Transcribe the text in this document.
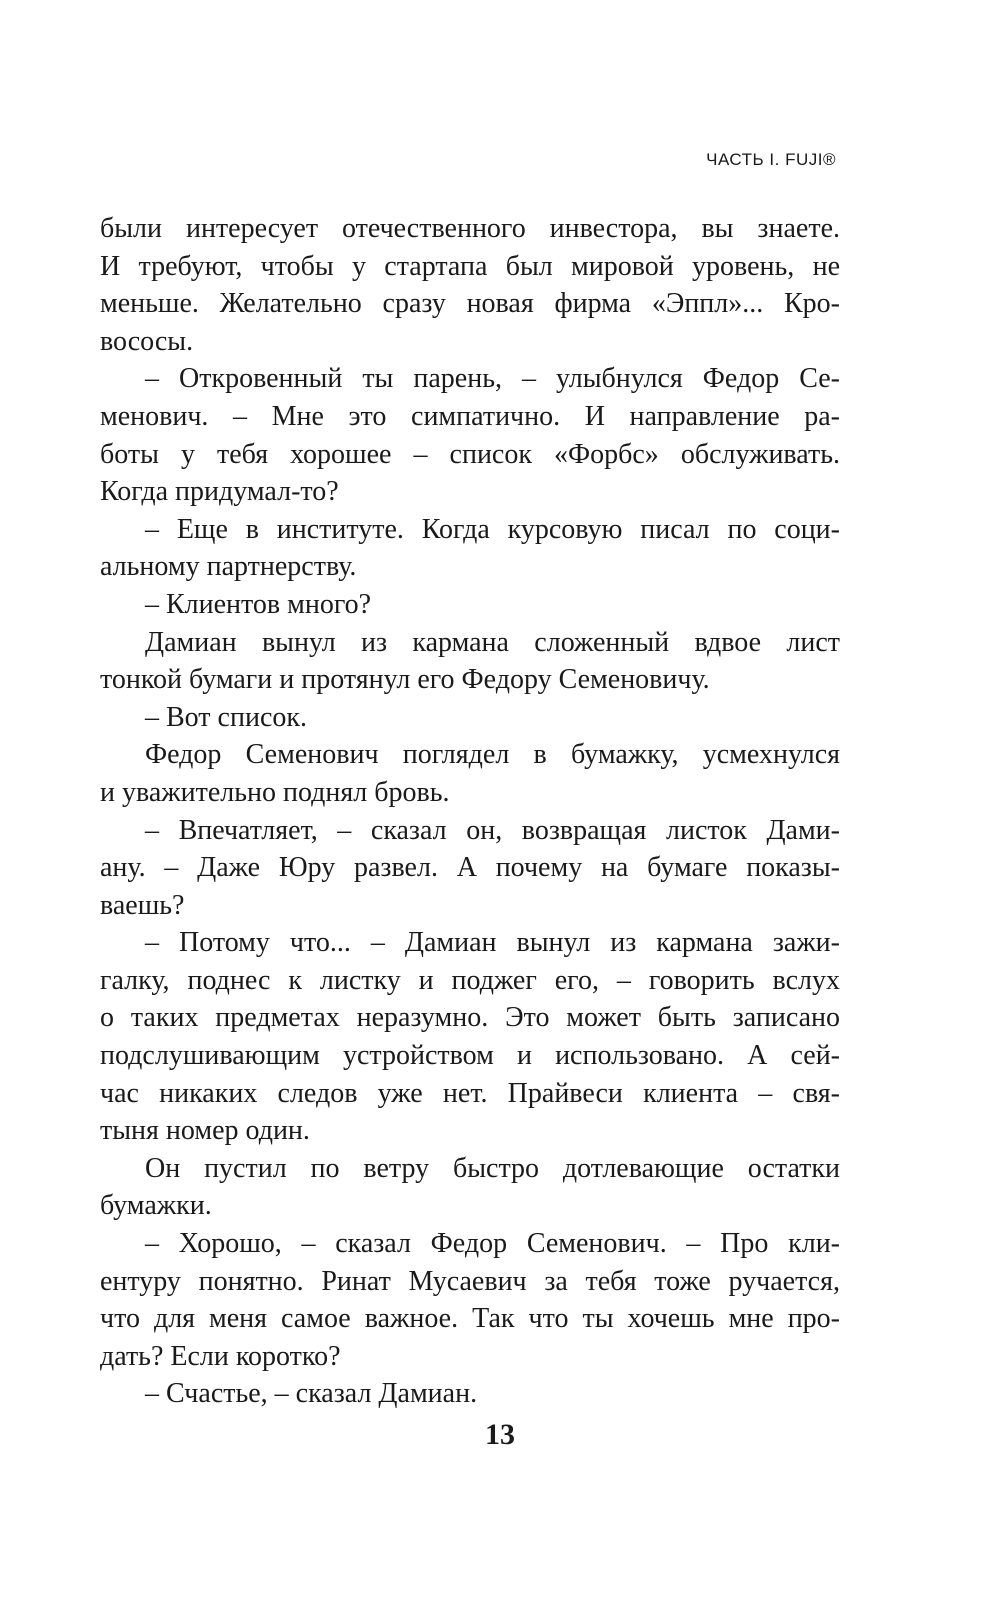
ЧАСТЬ I. FUJI®
были интересует отечественного инвестора, вы знаете.
И требуют, чтобы у стартапа был мировой уровень, не
меньше. Желательно сразу новая фирма «Эппл»... Кро-
вососы.
– Откровенный ты парень, – улыбнулся Федор Се-
менович. – Мне это симпатично. И направление ра-
боты у тебя хорошее – список «Форбс» обслуживать.
Когда придумал-то?
– Еще в институте. Когда курсовую писал по соци-
альному партнерству.
– Клиентов много?
Дамиан вынул из кармана сложенный вдвое лист
тонкой бумаги и протянул его Федору Семеновичу.
– Вот список.
Федор Семенович поглядел в бумажку, усмехнулся
и уважительно поднял бровь.
– Впечатляет, – сказал он, возвращая листок Дами-
ану. – Даже Юру развел. А почему на бумаге показы-
ваешь?
– Потому что... – Дамиан вынул из кармана зажи-
галку, поднес к листку и поджег его, – говорить вслух
о таких предметах неразумно. Это может быть записано
подслушивающим устройством и использовано. А сей-
час никаких следов уже нет. Прайвеси клиента – свя-
тыня номер один.
Он пустил по ветру быстро дотлевающие остатки
бумажки.
– Хорошо, – сказал Федор Семенович. – Про кли-
ентуру понятно. Ринат Мусаевич за тебя тоже ручается,
что для меня самое важное. Так что ты хочешь мне про-
дать? Если коротко?
– Счастье, – сказал Дамиан.
13
